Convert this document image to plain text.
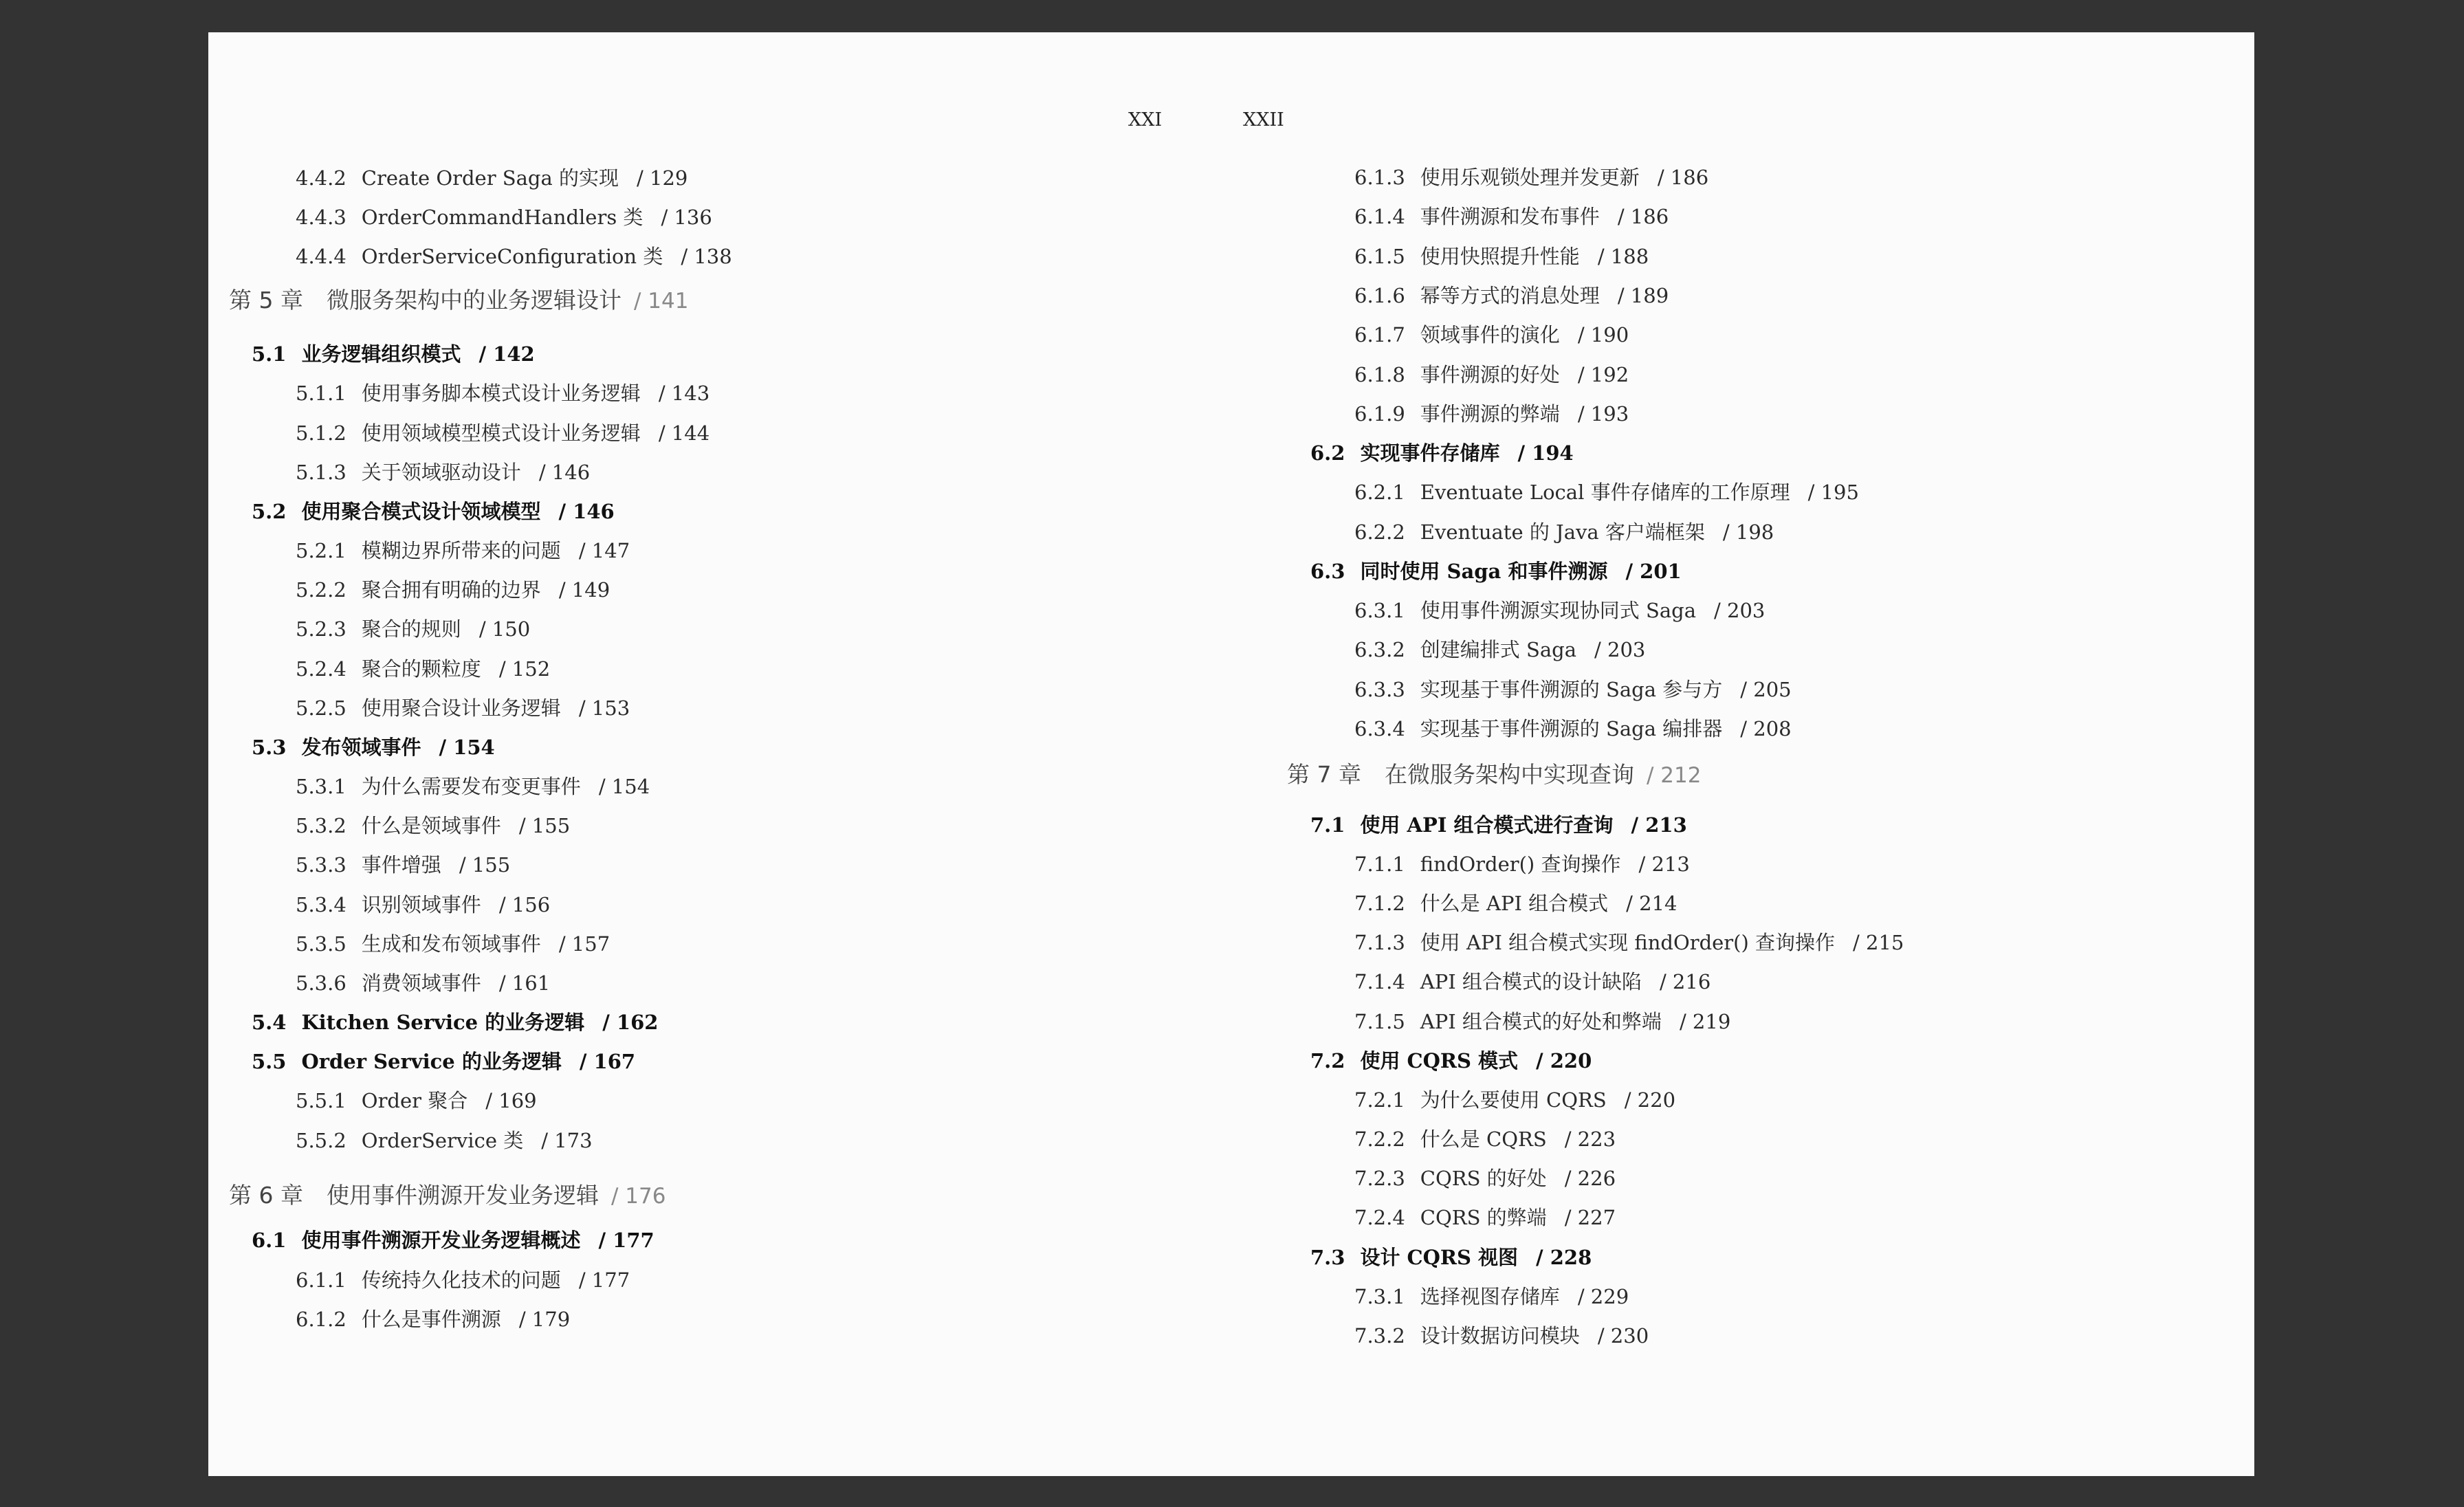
XXI	XXII
4.4.2 Create Order Saga 的实现 / 129
4.4.3 OrderCommandHandlers 类 / 136
4.4.4 OrderServiceConfiguration 类 / 138
第 5 章 微服务架构中的业务逻辑设计 / 141
5.1 业务逻辑组织模式 / 142
5.1.1 使用事务脚本模式设计业务逻辑 / 143
5.1.2 使用领域模型模式设计业务逻辑 / 144
5.1.3 关于领域驱动设计 / 146
5.2 使用聚合模式设计领域模型 / 146
5.2.1 模糊边界所带来的问题 / 147
5.2.2 聚合拥有明确的边界 / 149
5.2.3 聚合的规则 / 150
5.2.4 聚合的颗粒度 / 152
5.2.5 使用聚合设计业务逻辑 / 153
5.3 发布领域事件 / 154
5.3.1 为什么需要发布变更事件 / 154
5.3.2 什么是领域事件 / 155
5.3.3 事件增强 / 155
5.3.4 识别领域事件 / 156
5.3.5 生成和发布领域事件 / 157
5.3.6 消费领域事件 / 161
5.4 Kitchen Service 的业务逻辑 / 162
5.5 Order Service 的业务逻辑 / 167
5.5.1 Order 聚合 / 169
5.5.2 OrderService 类 / 173
第 6 章 使用事件溯源开发业务逻辑 / 176
6.1 使用事件溯源开发业务逻辑概述 / 177
6.1.1 传统持久化技术的问题 / 177
6.1.2 什么是事件溯源 / 179
6.1.3 使用乐观锁处理并发更新 / 186
6.1.4 事件溯源和发布事件 / 186
6.1.5 使用快照提升性能 / 188
6.1.6 幂等方式的消息处理 / 189
6.1.7 领域事件的演化 / 190
6.1.8 事件溯源的好处 / 192
6.1.9 事件溯源的弊端 / 193
6.2 实现事件存储库 / 194
6.2.1 Eventuate Local 事件存储库的工作原理 / 195
6.2.2 Eventuate 的 Java 客户端框架 / 198
6.3 同时使用 Saga 和事件溯源 / 201
6.3.1 使用事件溯源实现协同式 Saga / 203
6.3.2 创建编排式 Saga / 203
6.3.3 实现基于事件溯源的 Saga 参与方 / 205
6.3.4 实现基于事件溯源的 Saga 编排器 / 208
第 7 章 在微服务架构中实现查询 / 212
7.1 使用 API 组合模式进行查询 / 213
7.1.1 findOrder() 查询操作 / 213
7.1.2 什么是 API 组合模式 / 214
7.1.3 使用 API 组合模式实现 findOrder() 查询操作 / 215
7.1.4 API 组合模式的设计缺陷 / 216
7.1.5 API 组合模式的好处和弊端 / 219
7.2 使用 CQRS 模式 / 220
7.2.1 为什么要使用 CQRS / 220
7.2.2 什么是 CQRS / 223
7.2.3 CQRS 的好处 / 226
7.2.4 CQRS 的弊端 / 227
7.3 设计 CQRS 视图 / 228
7.3.1 选择视图存储库 / 229
7.3.2 设计数据访问模块 / 230
